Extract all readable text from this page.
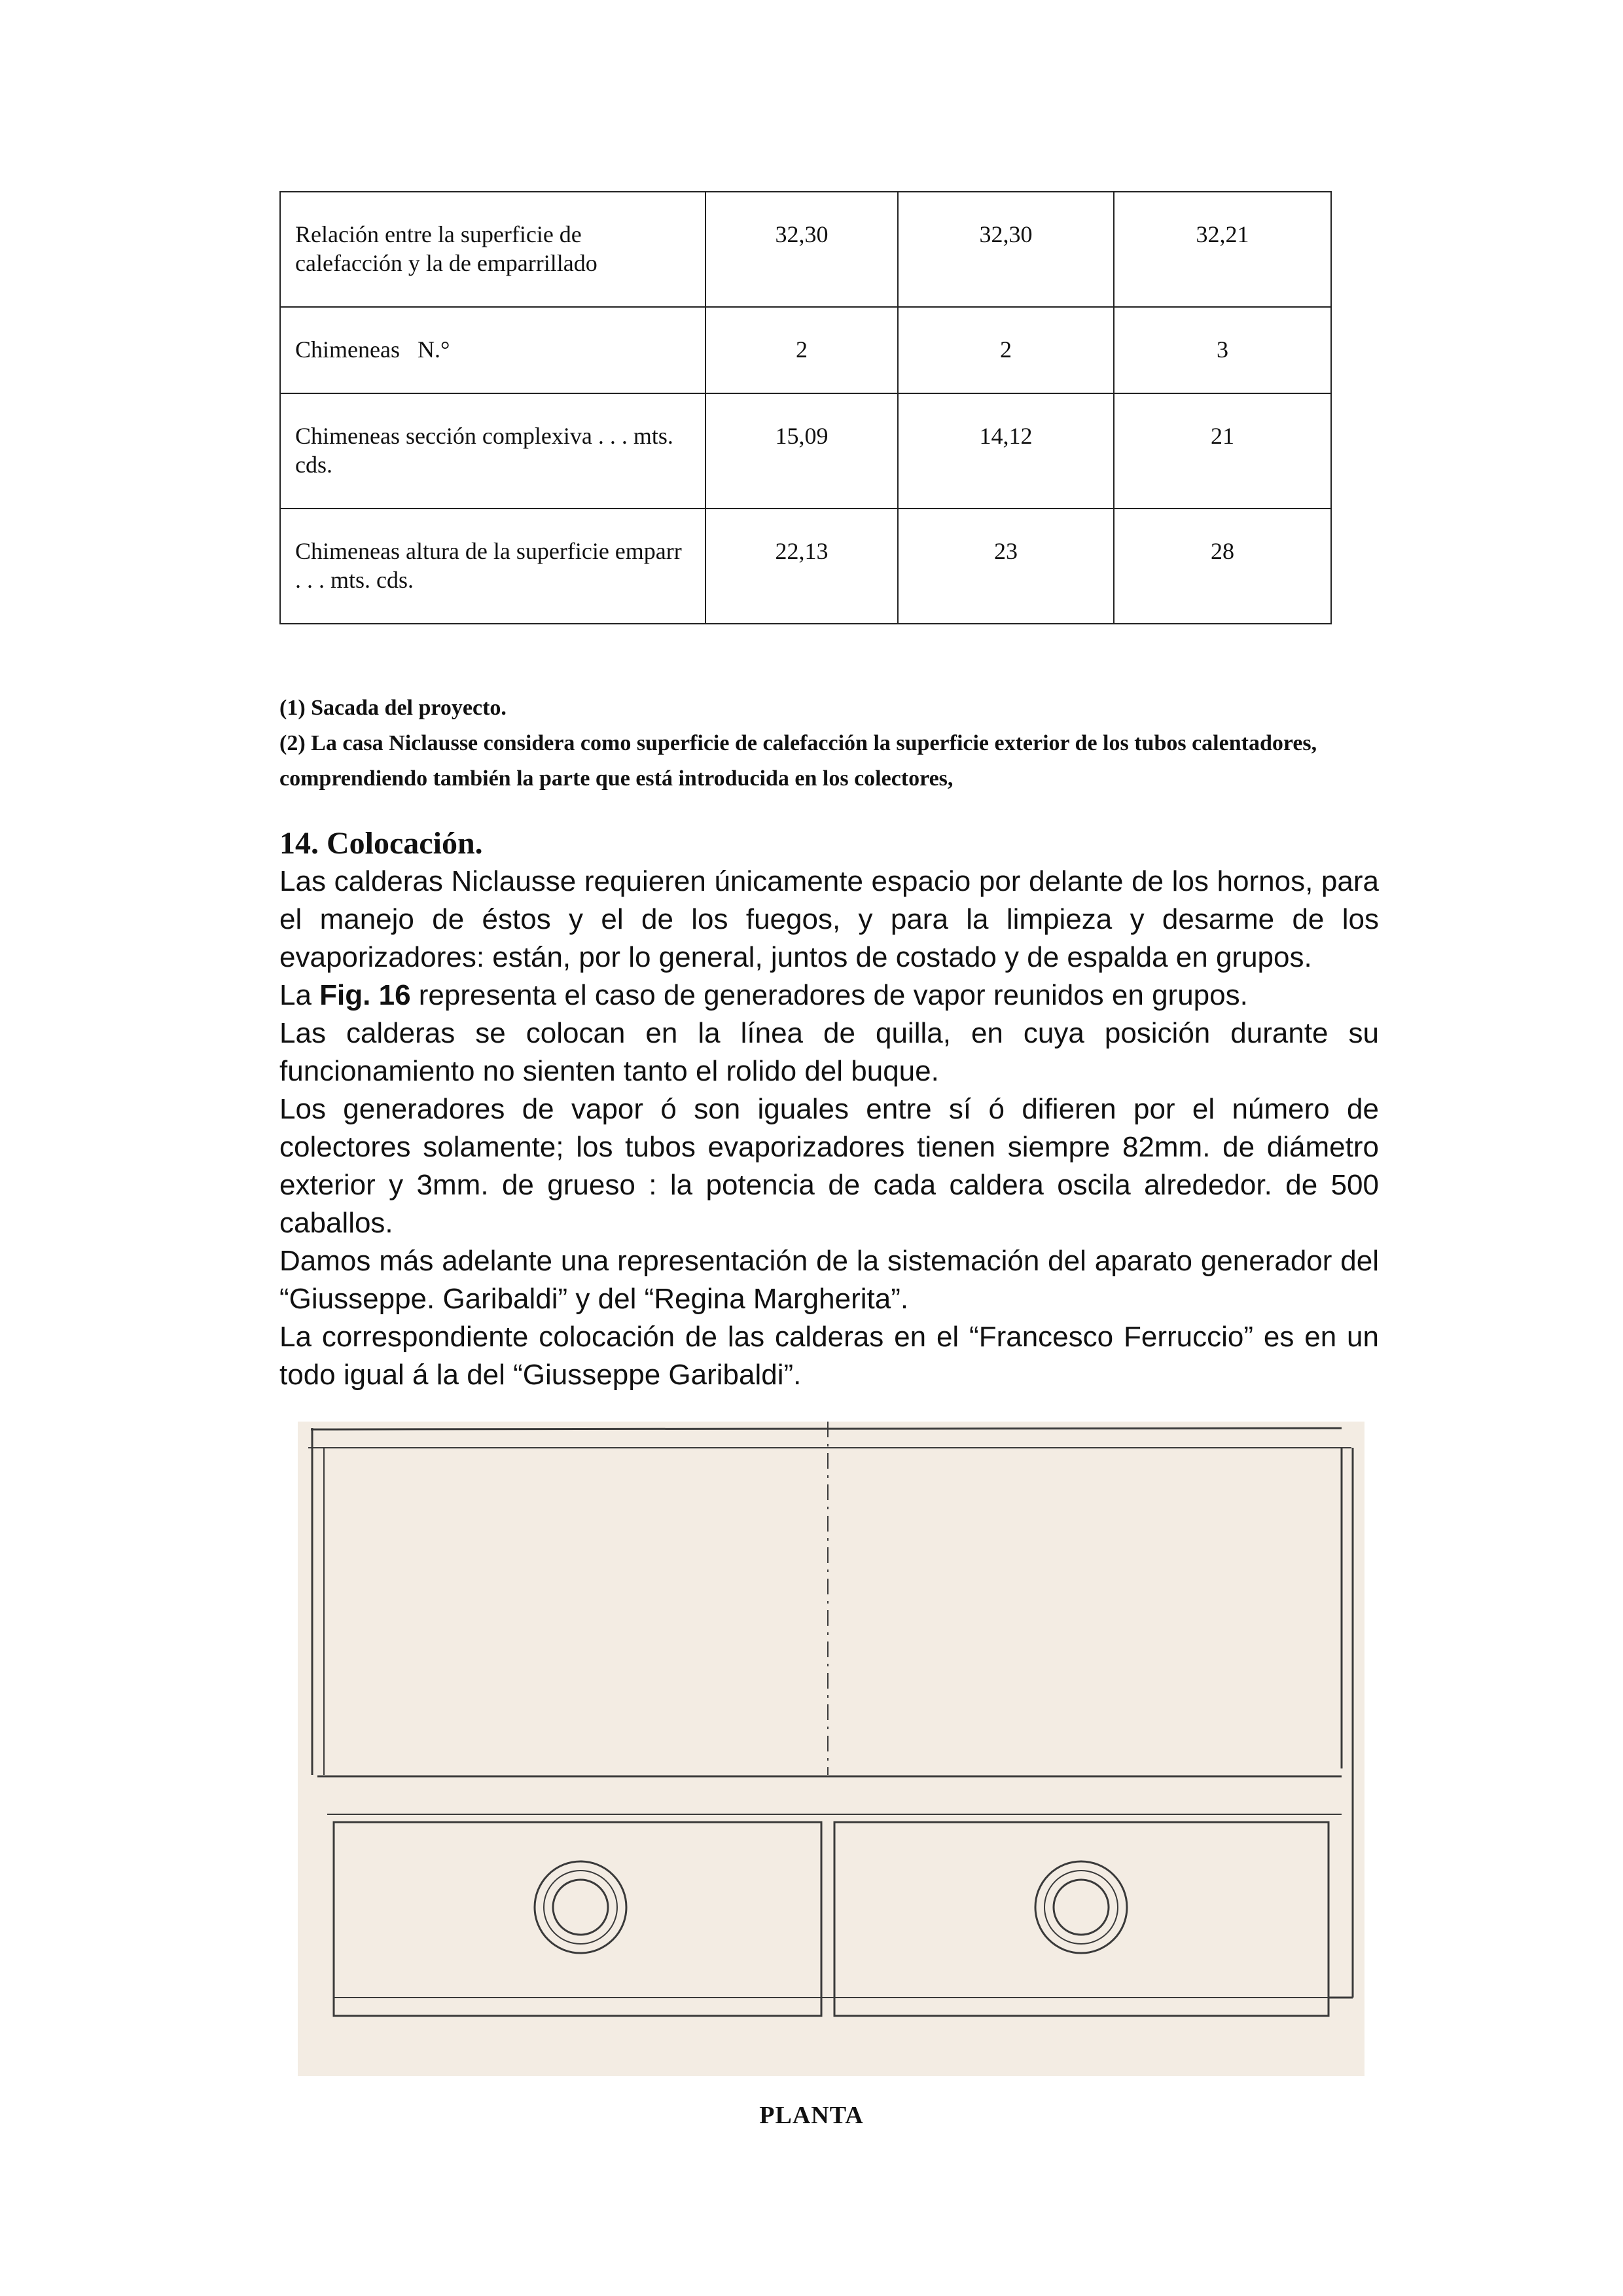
Relación entre la superficie de calefacción y la de emparrillado	32,30	32,30	32,21
Chimeneas   N.°	2	2	3
Chimeneas sección complexiva . . . mts. cds.	15,09	14,12	21
Chimeneas altura de la superficie emparr . . . mts. cds.	22,13	23	28

(1) Sacada del proyecto.

(2) La casa Niclausse considera como superficie de calefacción la superficie exterior de los tubos calentadores, comprendiendo también la parte que está introducida en los colectores,

14. Colocación.

Las calderas Niclausse requieren únicamente espacio por delante de los hornos, para el manejo de éstos y el de los fuegos, y para la limpieza y desarme de los evaporizadores: están, por lo general, juntos de costado y de espalda en grupos.

La Fig. 16 representa el caso de generadores de vapor reunidos en grupos.

Las calderas se colocan en la línea de quilla, en cuya posición durante su funcionamiento no sienten tanto el rolido del buque.

Los generadores de vapor ó son iguales entre sí ó difieren por el número de colectores solamente; los tubos evaporizadores tienen siempre 82mm. de diámetro exterior y 3mm. de grueso : la potencia de cada caldera oscila alrededor. de 500 caballos.

Damos más adelante una representación de la sistemación del aparato generador del “Giusseppe. Garibaldi” y del “Regina Margherita”.

La correspondiente colocación de las calderas en el “Francesco Ferruccio” es en un todo igual á la del “Giusseppe Garibaldi”.

PLANTA
